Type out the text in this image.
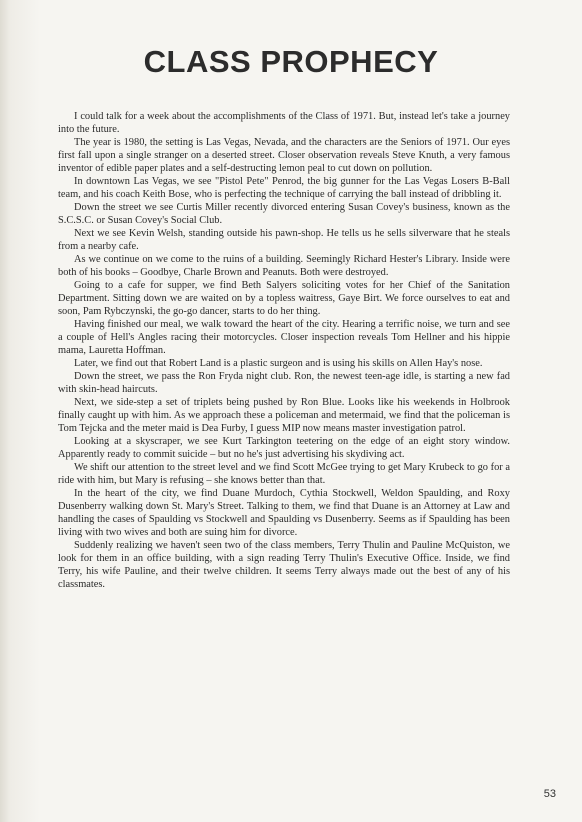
CLASS PROPHECY

I could talk for a week about the accomplishments of the Class of 1971. But, instead let's take a journey into the future.

The year is 1980, the setting is Las Vegas, Nevada, and the characters are the Seniors of 1971. Our eyes first fall upon a single stranger on a deserted street. Closer observation reveals Steve Knuth, a very famous inventor of edible paper plates and a self-destructing lemon peal to cut down on pollution.

In downtown Las Vegas, we see "Pistol Pete" Penrod, the big gunner for the Las Vegas Losers B-Ball team, and his coach Keith Bose, who is perfecting the technique of carrying the ball instead of dribbling it.

Down the street we see Curtis Miller recently divorced entering Susan Covey's business, known as the S.C.S.C. or Susan Covey's Social Club.

Next we see Kevin Welsh, standing outside his pawn-shop. He tells us he sells silverware that he steals from a nearby cafe.

As we continue on we come to the ruins of a building. Seemingly Richard Hester's Library. Inside were both of his books – Goodbye, Charle Brown and Peanuts. Both were destroyed.

Going to a cafe for supper, we find Beth Salyers soliciting votes for her Chief of the Sanitation Department. Sitting down we are waited on by a topless waitress, Gaye Birt. We force ourselves to eat and soon, Pam Rybczynski, the go-go dancer, starts to do her thing.

Having finished our meal, we walk toward the heart of the city. Hearing a terrific noise, we turn and see a couple of Hell's Angles racing their motorcycles. Closer inspection reveals Tom Hellner and his hippie mama, Lauretta Hoffman.

Later, we find out that Robert Land is a plastic surgeon and is using his skills on Allen Hay's nose.

Down the street, we pass the Ron Fryda night club. Ron, the newest teen-age idle, is starting a new fad with skin-head haircuts.

Next, we side-step a set of triplets being pushed by Ron Blue. Looks like his weekends in Holbrook finally caught up with him. As we approach these a policeman and metermaid, we find that the policeman is Tom Tejcka and the meter maid is Dea Furby, I guess MIP now means master investigation patrol.

Looking at a skyscraper, we see Kurt Tarkington teetering on the edge of an eight story window. Apparently ready to commit suicide – but no he's just advertising his skydiving act.

We shift our attention to the street level and we find Scott McGee trying to get Mary Krubeck to go for a ride with him, but Mary is refusing – she knows better than that.

In the heart of the city, we find Duane Murdoch, Cythia Stockwell, Weldon Spaulding, and Roxy Dusenberry walking down St. Mary's Street. Talking to them, we find that Duane is an Attorney at Law and handling the cases of Spaulding vs Stockwell and Spaulding vs Dusenberry. Seems as if Spaulding has been living with two wives and both are suing him for divorce.

Suddenly realizing we haven't seen two of the class members, Terry Thulin and Pauline McQuiston, we look for them in an office building, with a sign reading Terry Thulin's Executive Office. Inside, we find Terry, his wife Pauline, and their twelve children. It seems Terry always made out the best of any of his classmates.

53
